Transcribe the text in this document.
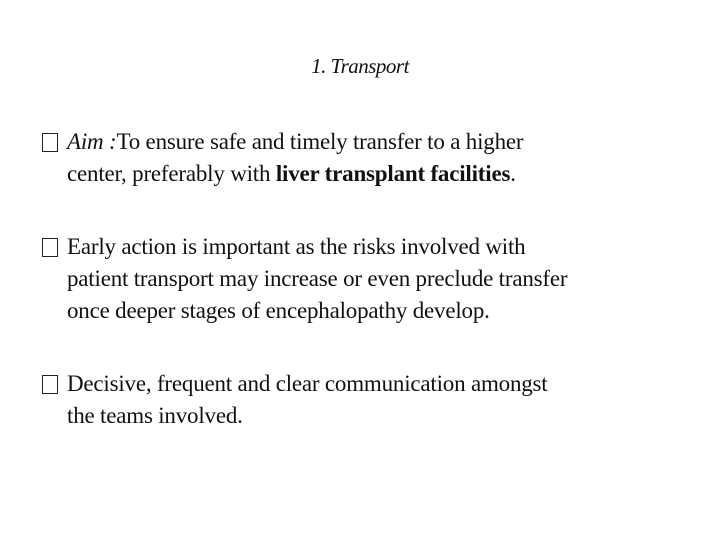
1. Transport
Aim :To ensure safe and timely transfer to a higher
center, preferably with liver transplant facilities.
Early action is important as the risks involved with
patient transport may increase or even preclude transfer
once deeper stages of encephalopathy develop.
Decisive, frequent and clear communication amongst
the teams involved.
